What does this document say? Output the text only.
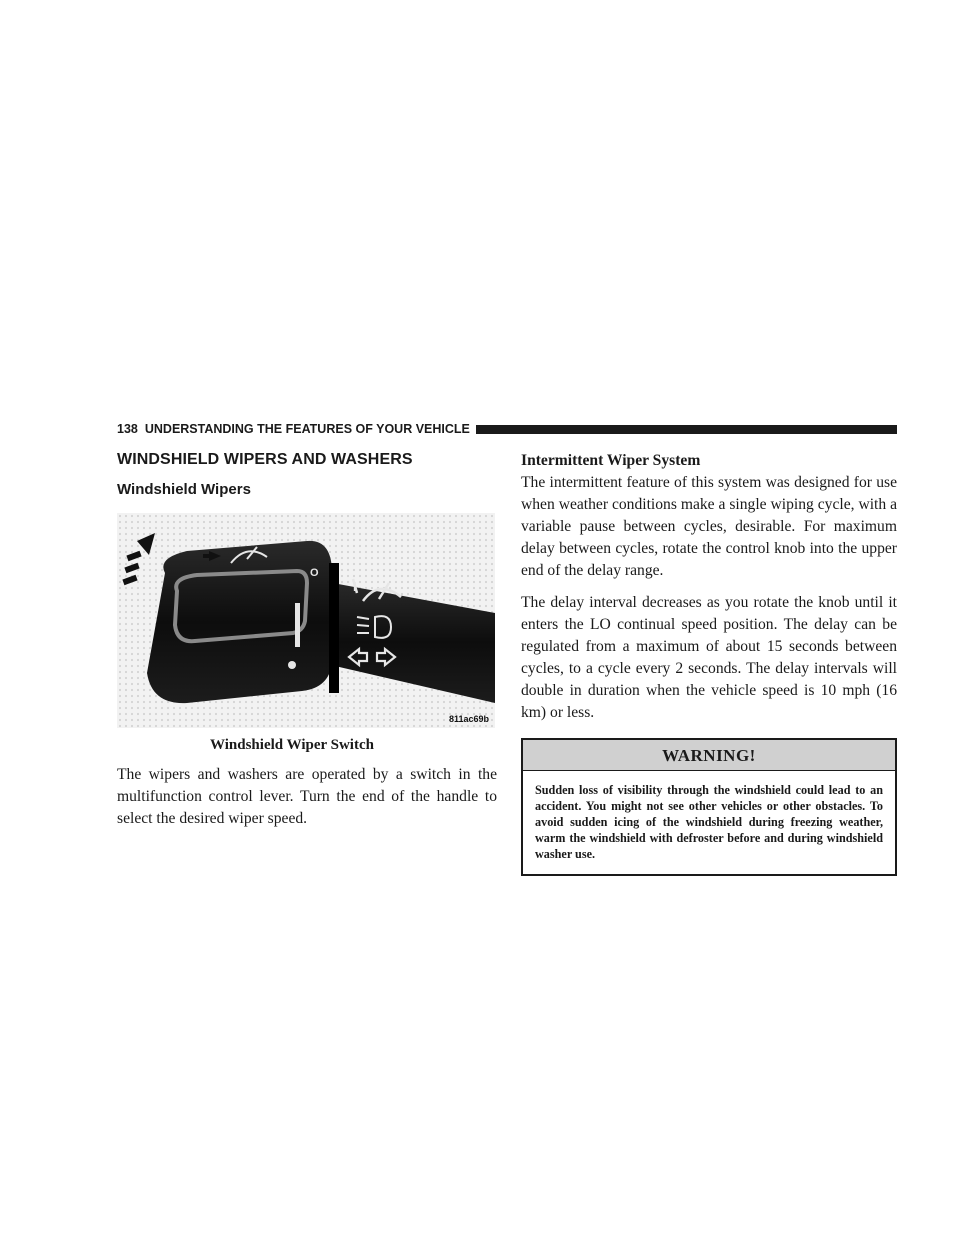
138 UNDERSTANDING THE FEATURES OF YOUR VEHICLE
WINDSHIELD WIPERS AND WASHERS
Windshield Wipers
O
I
811ac69b
Windshield Wiper Switch

The wipers and washers are operated by a switch in the multifunction control lever. Turn the end of the handle to select the desired wiper speed.

Intermittent Wiper System

The intermittent feature of this system was designed for use when weather conditions make a single wiping cycle, with a variable pause between cycles, desirable. For maximum delay between cycles, rotate the control knob into the upper end of the delay range.

The delay interval decreases as you rotate the knob until it enters the LO continual speed position. The delay can be regulated from a maximum of about 15 seconds between cycles, to a cycle every 2 seconds. The delay intervals will double in duration when the vehicle speed is 10 mph (16 km) or less.

WARNING!
Sudden loss of visibility through the windshield could lead to an accident. You might not see other vehicles or other obstacles. To avoid sudden icing of the windshield during freezing weather, warm the windshield with defroster before and during windshield washer use.
